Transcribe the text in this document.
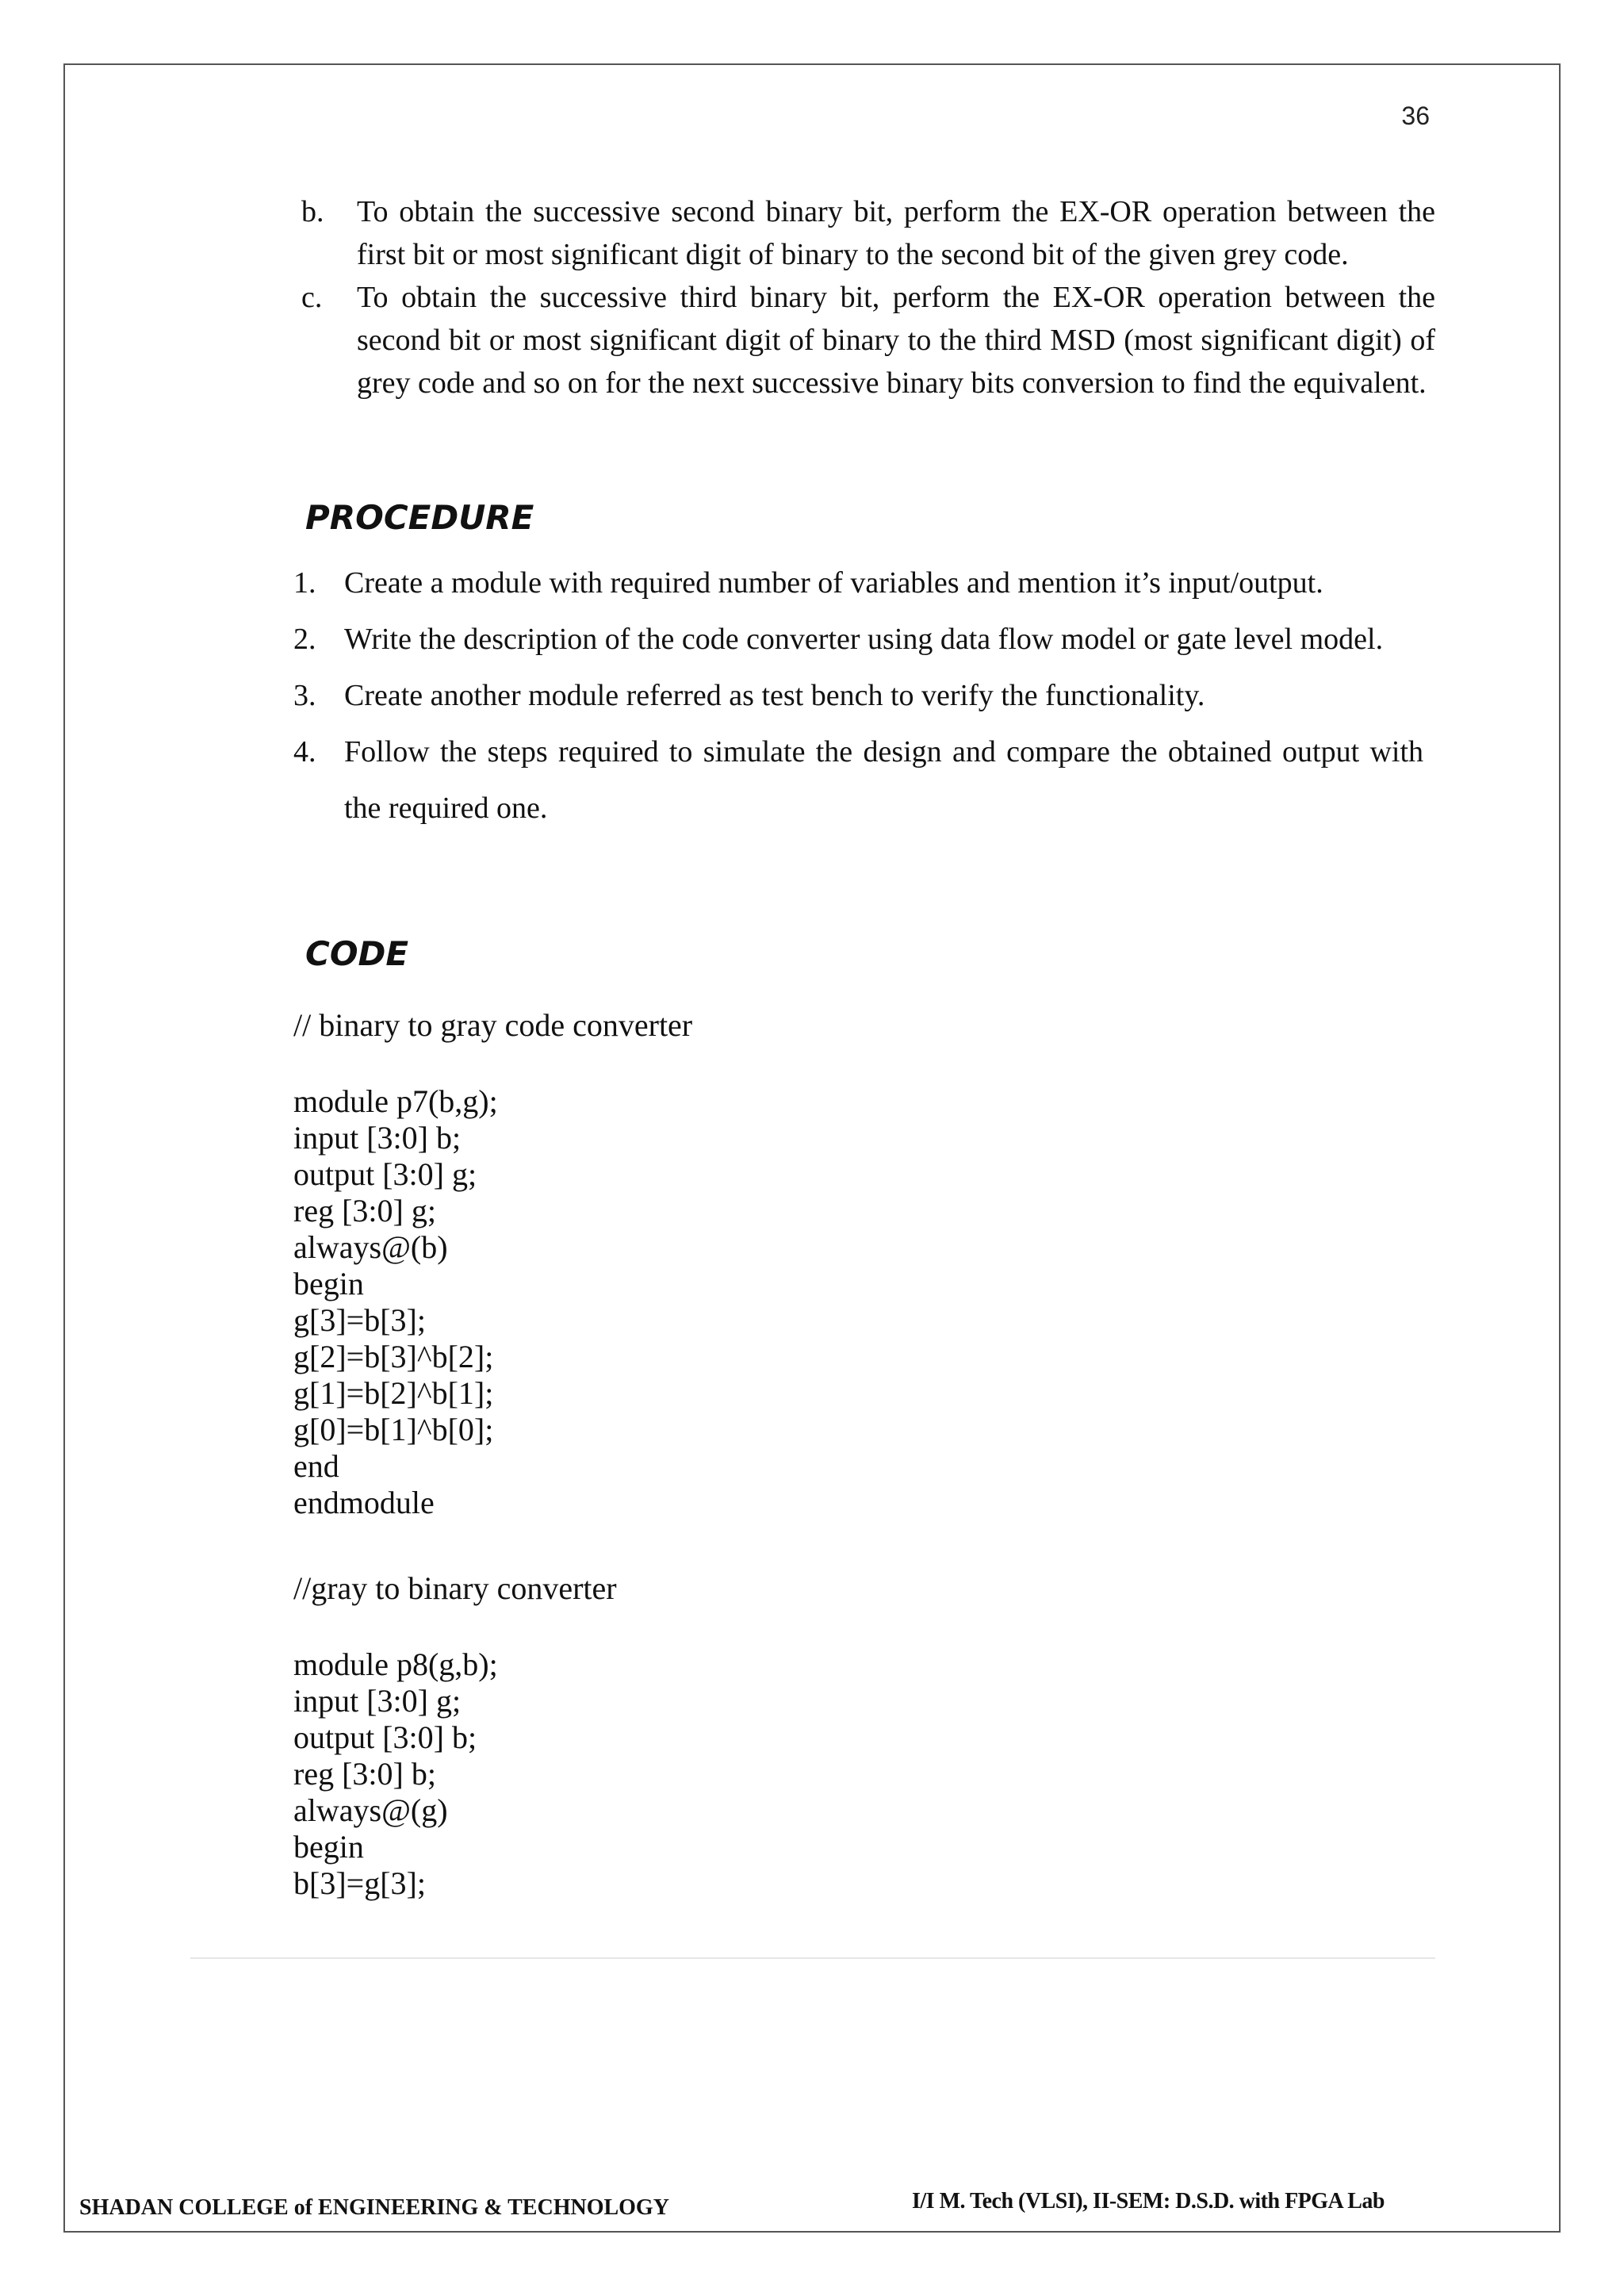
36
b. To obtain the successive second binary bit, perform the EX-OR operation between the first bit or most significant digit of binary to the second bit of the given grey code.
c. To obtain the successive third binary bit, perform the EX-OR operation between the second bit or most significant digit of binary to the third MSD (most significant digit) of grey code and so on for the next successive binary bits conversion to find the equivalent.
PROCEDURE
1. Create a module with required number of variables and mention it’s input/output.
2. Write the description of the code converter using data flow model or gate level model.
3. Create another module referred as test bench to verify the functionality.
4. Follow the steps required to simulate the design and compare the obtained output with the required one.
CODE
// binary to gray code converter
module p7(b,g);
input [3:0] b;
output [3:0] g;
reg [3:0] g;
always@(b)
begin
g[3]=b[3];
g[2]=b[3]^b[2];
g[1]=b[2]^b[1];
g[0]=b[1]^b[0];
end
endmodule
//gray to binary converter
module p8(g,b);
input [3:0] g;
output [3:0] b;
reg [3:0] b;
always@(g)
begin
b[3]=g[3];
SHADAN COLLEGE of ENGINEERING & TECHNOLOGY	I/I M. Tech (VLSI), II-SEM: D.S.D. with FPGA Lab
